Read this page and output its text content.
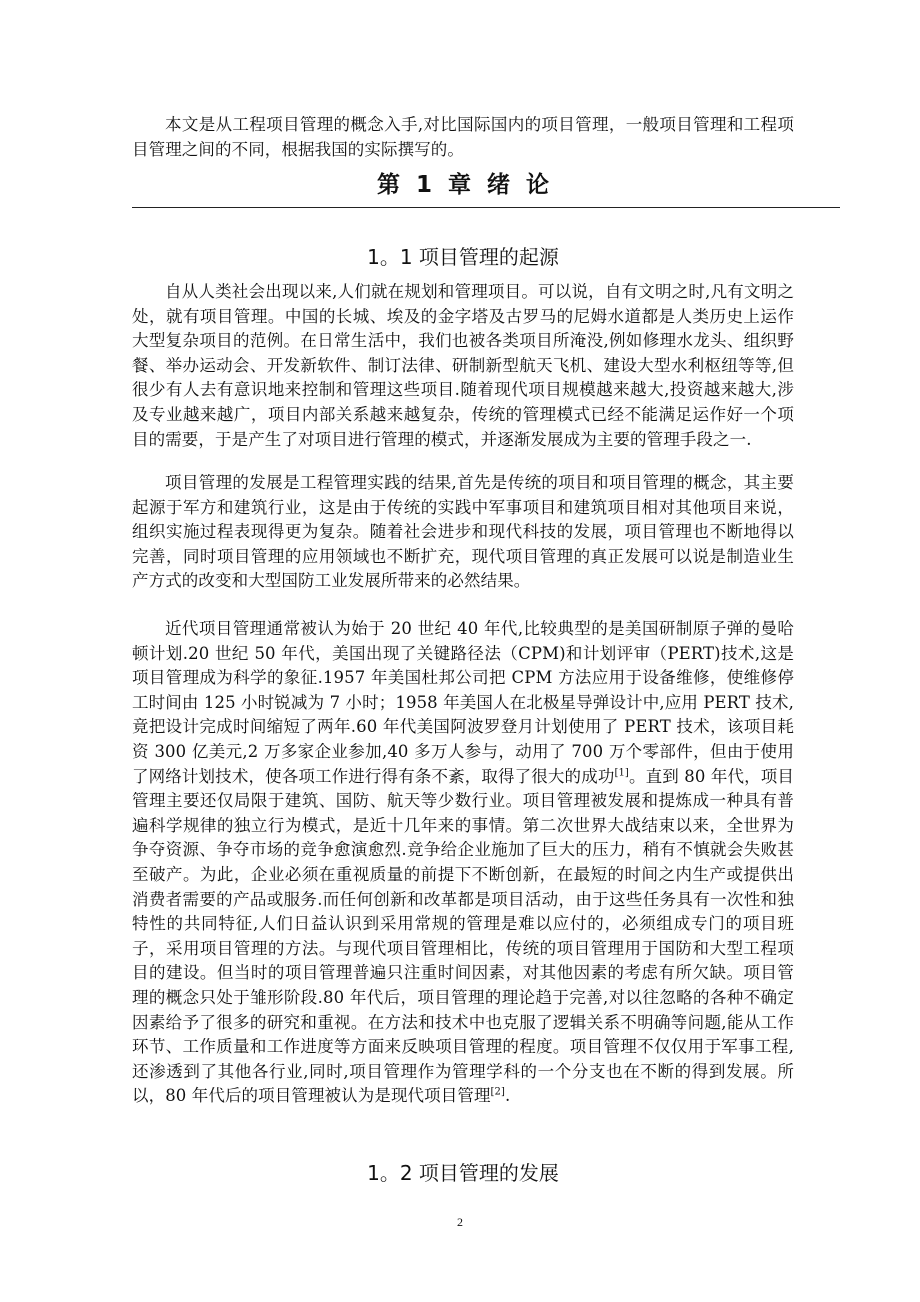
本文是从工程项目管理的概念入手,对比国际国内的项目管理，一般项目管理和工程项目管理之间的不同，根据我国的实际撰写的。

第 1 章 绪 论
1。1 项目管理的起源

自从人类社会出现以来,人们就在规划和管理项目。可以说，自有文明之时,凡有文明之处，就有项目管理。中国的长城、埃及的金字塔及古罗马的尼姆水道都是人类历史上运作大型复杂项目的范例。在日常生活中，我们也被各类项目所淹没,例如修理水龙头、组织野餐、举办运动会、开发新软件、制订法律、研制新型航天飞机、建设大型水利枢纽等等,但很少有人去有意识地来控制和管理这些项目.随着现代项目规模越来越大,投资越来越大,涉及专业越来越广，项目内部关系越来越复杂，传统的管理模式已经不能满足运作好一个项目的需要，于是产生了对项目进行管理的模式，并逐渐发展成为主要的管理手段之一.

项目管理的发展是工程管理实践的结果,首先是传统的项目和项目管理的概念，其主要起源于军方和建筑行业，这是由于传统的实践中军事项目和建筑项目相对其他项目来说，组织实施过程表现得更为复杂。随着社会进步和现代科技的发展，项目管理也不断地得以完善，同时项目管理的应用领域也不断扩充，现代项目管理的真正发展可以说是制造业生产方式的改变和大型国防工业发展所带来的必然结果。

近代项目管理通常被认为始于 20 世纪 40 年代,比较典型的是美国研制原子弹的曼哈顿计划.20 世纪 50 年代，美国出现了关键路径法（CPM)和计划评审（PERT)技术,这是项目管理成为科学的象征.1957 年美国杜邦公司把 CPM 方法应用于设备维修，使维修停工时间由 125 小时锐减为 7 小时；1958 年美国人在北极星导弹设计中,应用 PERT 技术,竟把设计完成时间缩短了两年.60 年代美国阿波罗登月计划使用了 PERT 技术，该项目耗资 300 亿美元,2 万多家企业参加,40 多万人参与，动用了 700 万个零部件，但由于使用了网络计划技术，使各项工作进行得有条不紊，取得了很大的成功[1]。直到 80 年代，项目管理主要还仅局限于建筑、国防、航天等少数行业。项目管理被发展和提炼成一种具有普遍科学规律的独立行为模式，是近十几年来的事情。第二次世界大战结束以来，全世界为争夺资源、争夺市场的竞争愈演愈烈.竞争给企业施加了巨大的压力，稍有不慎就会失败甚至破产。为此，企业必须在重视质量的前提下不断创新，在最短的时间之内生产或提供出消费者需要的产品或服务.而任何创新和改革都是项目活动，由于这些任务具有一次性和独特性的共同特征,人们日益认识到采用常规的管理是难以应付的，必须组成专门的项目班子，采用项目管理的方法。与现代项目管理相比，传统的项目管理用于国防和大型工程项目的建设。但当时的项目管理普遍只注重时间因素，对其他因素的考虑有所欠缺。项目管理的概念只处于雏形阶段.80 年代后，项目管理的理论趋于完善,对以往忽略的各种不确定因素给予了很多的研究和重视。在方法和技术中也克服了逻辑关系不明确等问题,能从工作环节、工作质量和工作进度等方面来反映项目管理的程度。项目管理不仅仅用于军事工程,还渗透到了其他各行业,同时,项目管理作为管理学科的一个分支也在不断的得到发展。所以，80 年代后的项目管理被认为是现代项目管理[2].

1。2 项目管理的发展
2
